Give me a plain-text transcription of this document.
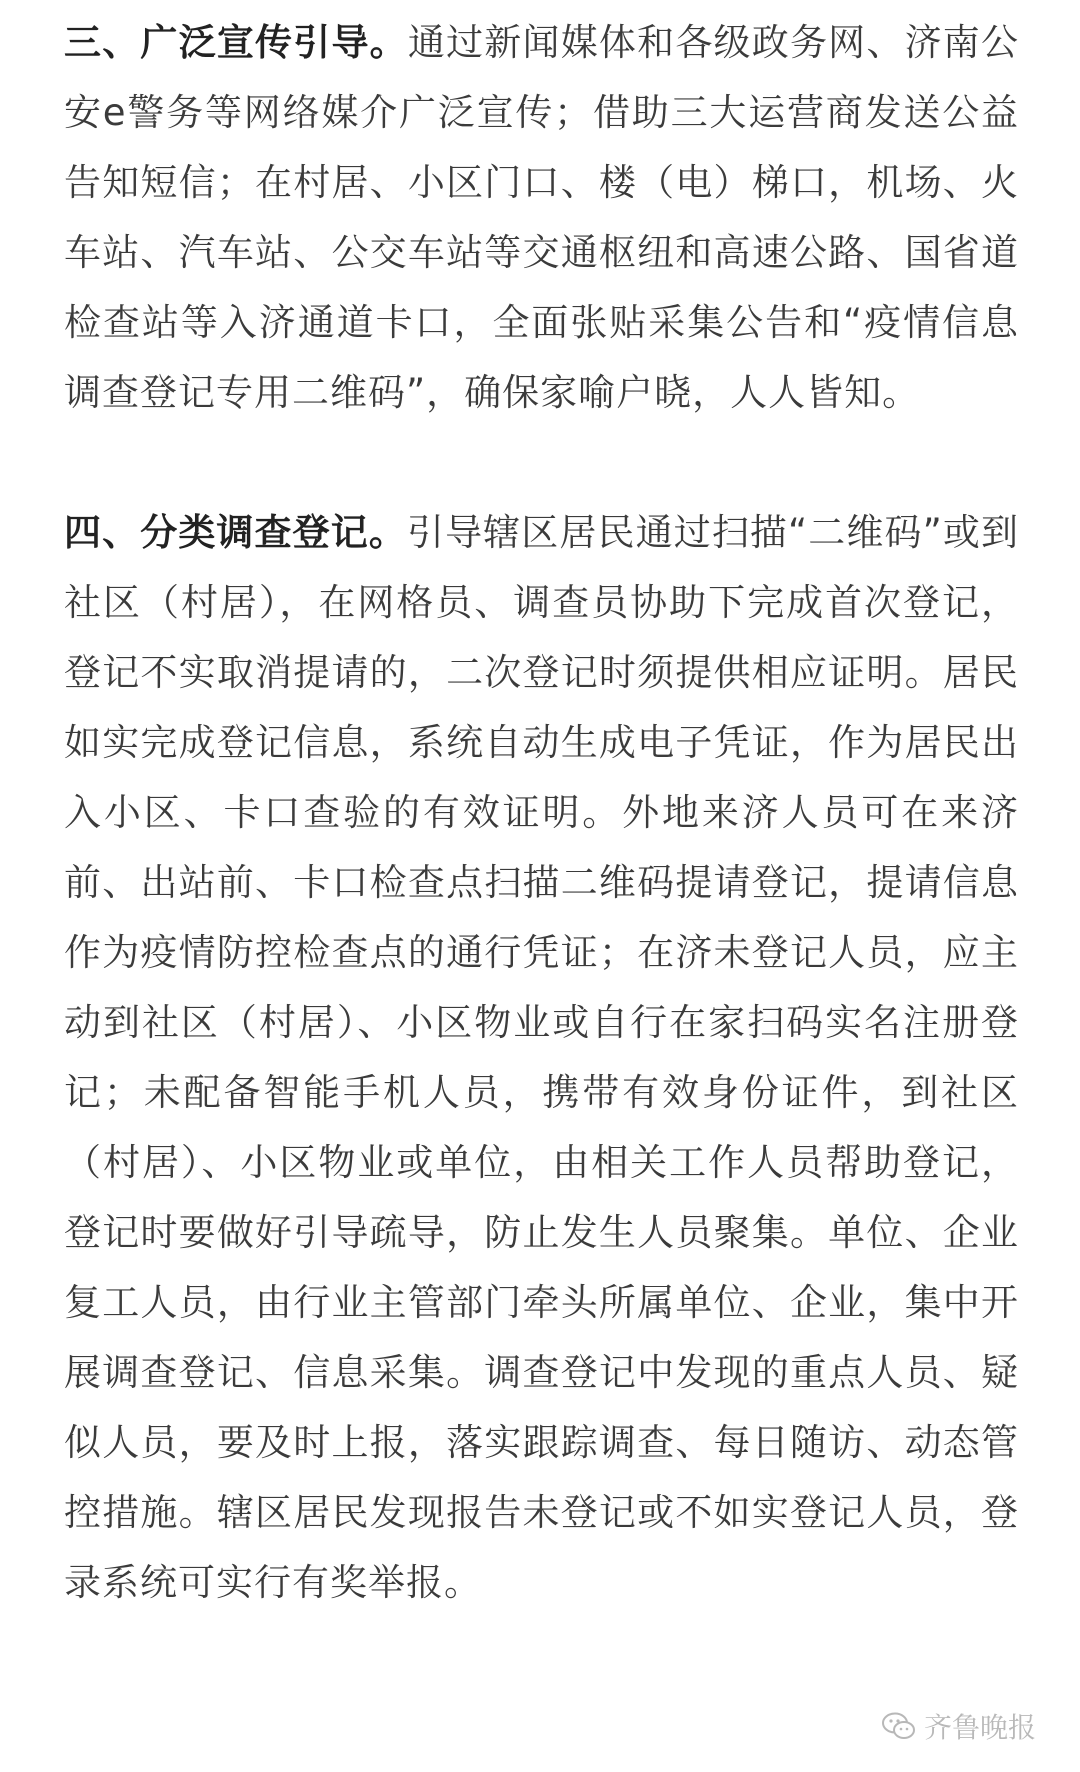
三、广泛宣传引导。通过新闻媒体和各级政务网、济南公安e警务等网络媒介广泛宣传；借助三大运营商发送公益告知短信；在村居、小区门口、楼（电）梯口，机场、火车站、汽车站、公交车站等交通枢纽和高速公路、国省道检查站等入济通道卡口，全面张贴采集公告和“疫情信息调查登记专用二维码”，确保家喻户晓，人人皆知。

四、分类调查登记。引导辖区居民通过扫描“二维码”或到社区（村居），在网格员、调查员协助下完成首次登记，登记不实取消提请的，二次登记时须提供相应证明。居民如实完成登记信息，系统自动生成电子凭证，作为居民出入小区、卡口查验的有效证明。外地来济人员可在来济前、出站前、卡口检查点扫描二维码提请登记，提请信息作为疫情防控检查点的通行凭证；在济未登记人员，应主动到社区（村居）、小区物业或自行在家扫码实名注册登记；未配备智能手机人员，携带有效身份证件，到社区（村居）、小区物业或单位，由相关工作人员帮助登记，登记时要做好引导疏导，防止发生人员聚集。单位、企业复工人员，由行业主管部门牵头所属单位、企业，集中开展调查登记、信息采集。调查登记中发现的重点人员、疑似人员，要及时上报，落实跟踪调查、每日随访、动态管控措施。辖区居民发现报告未登记或不如实登记人员，登录系统可实行有奖举报。

齐鲁晚报
